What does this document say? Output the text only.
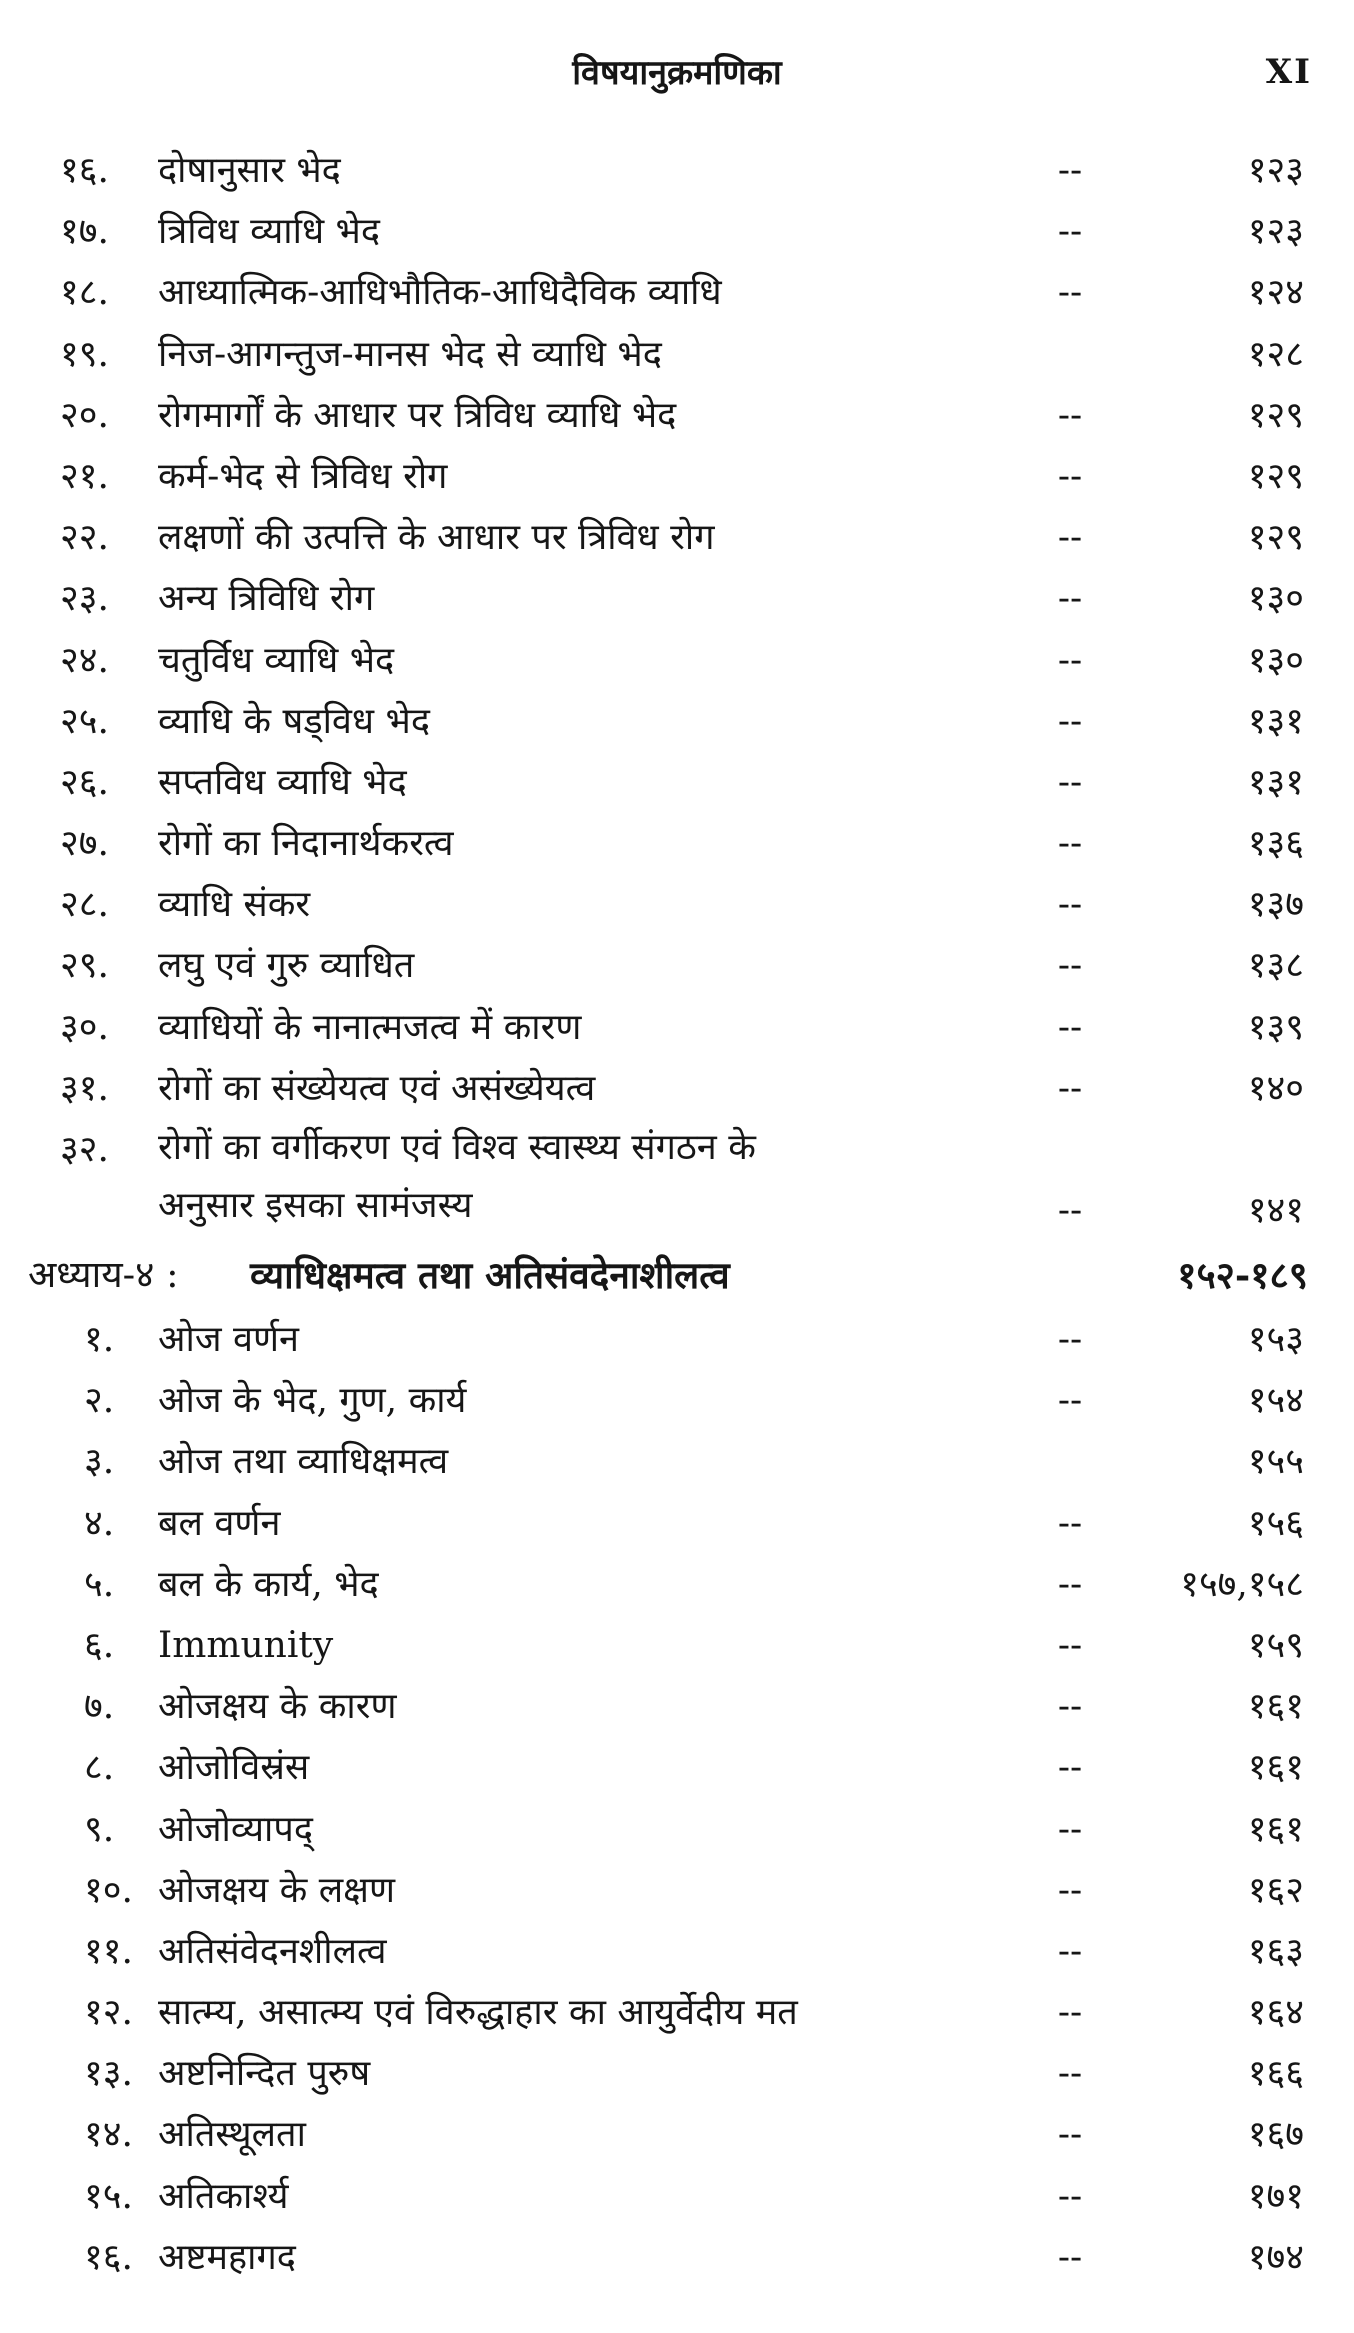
विषयानुक्रमणिका	XI
१६.	दोषानुसार भेद	--	१२३
१७.	त्रिविध व्याधि भेद	--	१२३
१८.	आध्यात्मिक-आधिभौतिक-आधिदैविक व्याधि	--	१२४
१९.	निज-आगन्तुज-मानस भेद से व्याधि भेद	१२८
२०.	रोगमार्गों के आधार पर त्रिविध व्याधि भेद	--	१२९
२१.	कर्म-भेद से त्रिविध रोग	--	१२९
२२.	लक्षणों की उत्पत्ति के आधार पर त्रिविध रोग	--	१२९
२३.	अन्य त्रिविधि रोग	--	१३०
२४.	चतुर्विध व्याधि भेद	--	१३०
२५.	व्याधि के षड्विध भेद	--	१३१
२६.	सप्तविध व्याधि भेद	--	१३१
२७.	रोगों का निदानार्थकरत्व	--	१३६
२८.	व्याधि संकर	--	१३७
२९.	लघु एवं गुरु व्याधित	--	१३८
३०.	व्याधियों के नानात्मजत्व में कारण	--	१३९
३१.	रोगों का संख्येयत्व एवं असंख्येयत्व	--	१४०
३२.	रोगों का वर्गीकरण एवं विश्व स्वास्थ्य संगठन के
अनुसार इसका सामंजस्य	--	१४१
अध्याय-४ : व्याधिक्षमत्व तथा अतिसंवदेनाशीलत्व	१५२-१८९
१.	ओज वर्णन	--	१५३
२.	ओज के भेद, गुण, कार्य	--	१५४
३.	ओज तथा व्याधिक्षमत्व	१५५
४.	बल वर्णन	--	१५६
५.	बल के कार्य, भेद	--	१५७,१५८
६.	Immunity	--	१५९
७.	ओजक्षय के कारण	--	१६१
८.	ओजोविस्रंस	--	१६१
९.	ओजोव्यापद्	--	१६१
१०. ओजक्षय के लक्षण	--	१६२
११. अतिसंवेदनशीलत्व	--	१६३
१२. सात्म्य, असात्म्य एवं विरुद्धाहार का आयुर्वेदीय मत	--	१६४
१३. अष्टनिन्दित पुरुष	--	१६६
१४. अतिस्थूलता	--	१६७
१५. अतिकार्श्य	--	१७१
१६. अष्टमहागद	--	१७४
